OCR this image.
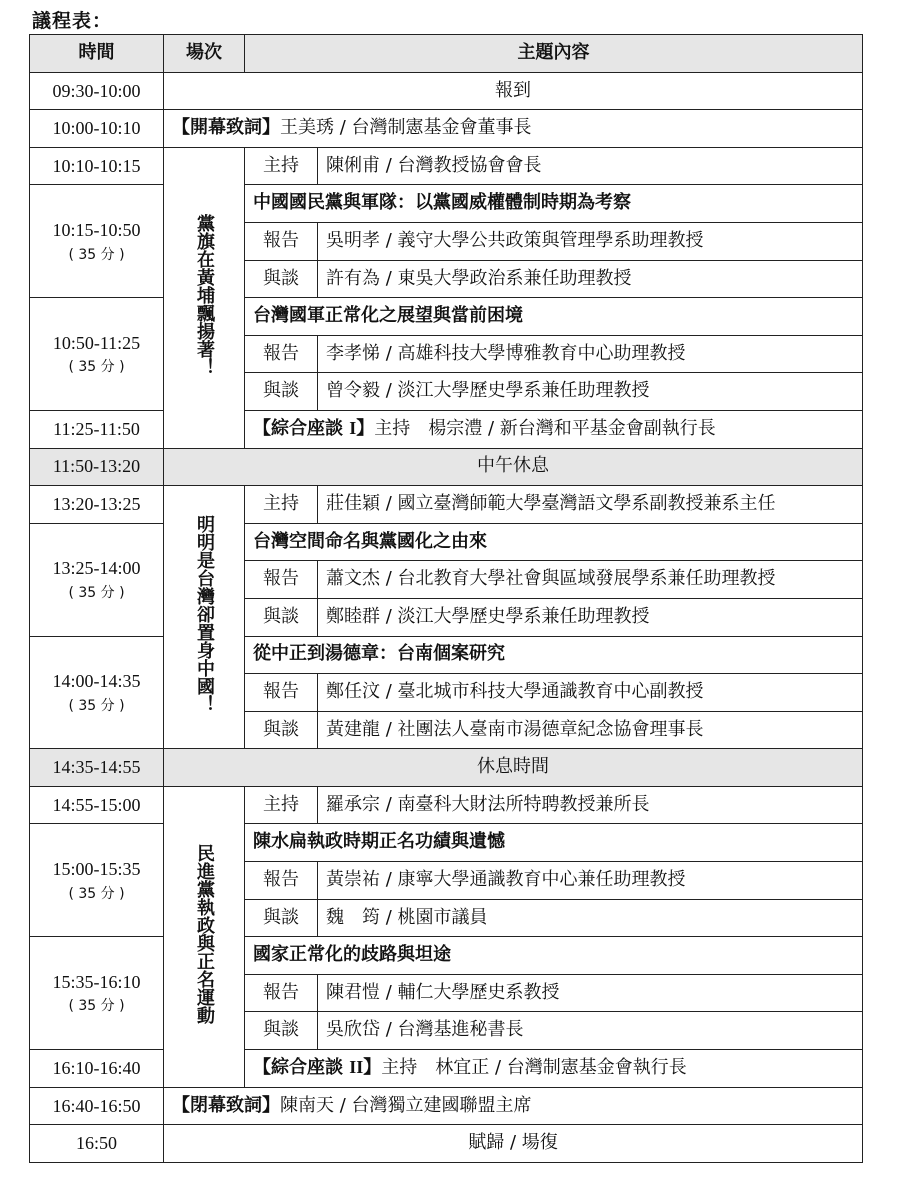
議程表：
時間	場次	主題內容	
09:30-10:00	報到		
10:00-10:10	【開幕致詞】王美琇 / 台灣制憲基金會董事長		
10:10-10:15	黨旗在黃埔飄揚著！	主持	陳俐甫 / 台灣教授協會會長
10:15-10:50
( 35 分 )		中國國民黨與軍隊：以黨國威權體制時期為考察	
		報告	吳明孝 / 義守大學公共政策與管理學系助理教授
		與談	許有為 / 東吳大學政治系兼任助理教授
10:50-11:25
( 35 分 )		台灣國軍正常化之展望與當前困境	
		報告	李孝悌 / 高雄科技大學博雅教育中心助理教授
		與談	曾令毅 / 淡江大學歷史學系兼任助理教授
11:25-11:50		【綜合座談 I】主持　楊宗澧 / 新台灣和平基金會副執行長	
11:50-13:20	中午休息		
13:20-13:25	明明是台灣卻置身中國！	主持	莊佳穎 / 國立臺灣師範大學臺灣語文學系副教授兼系主任
13:25-14:00
( 35 分 )		台灣空間命名與黨國化之由來	
		報告	蕭文杰 / 台北教育大學社會與區域發展學系兼任助理教授
		與談	鄭睦群 / 淡江大學歷史學系兼任助理教授
14:00-14:35
( 35 分 )		從中正到湯德章：台南個案研究	
		報告	鄭任汶 / 臺北城市科技大學通識教育中心副教授
		與談	黃建龍 / 社團法人臺南市湯德章紀念協會理事長
14:35-14:55	休息時間		
14:55-15:00	民進黨執政與正名運動	主持	羅承宗 / 南臺科大財法所特聘教授兼所長
15:00-15:35
( 35 分 )		陳水扁執政時期正名功績與遺憾	
		報告	黃崇祐 / 康寧大學通識教育中心兼任助理教授
		與談	魏　筠 / 桃園市議員
15:35-16:10
( 35 分 )		國家正常化的歧路與坦途	
		報告	陳君愷 / 輔仁大學歷史系教授
		與談	吳欣岱 / 台灣基進秘書長
16:10-16:40		【綜合座談 II】主持　林宜正 / 台灣制憲基金會執行長	
16:40-16:50	【閉幕致詞】陳南天 / 台灣獨立建國聯盟主席		
16:50	賦歸 / 場復		
